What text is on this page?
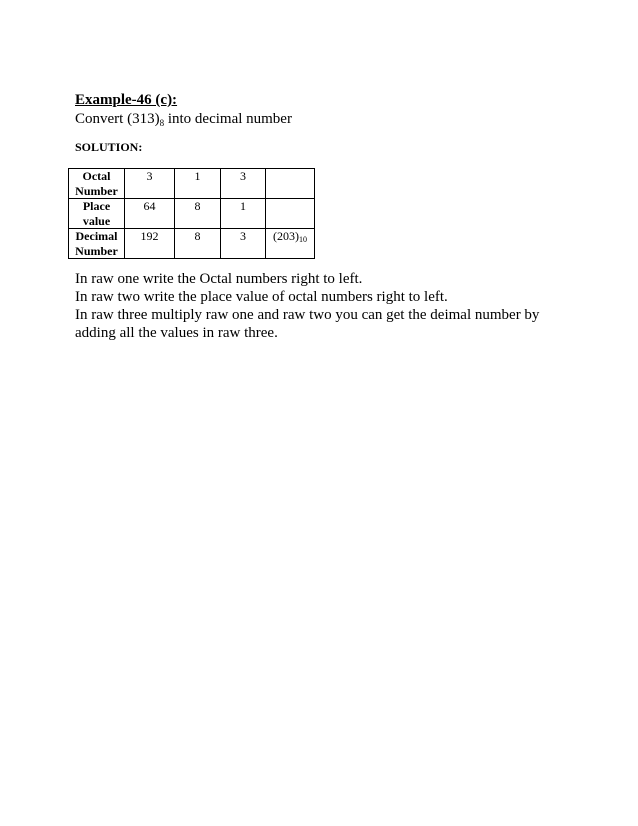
Example-46 (c):
Convert $(313)_8$ into decimal number
SOLUTION:
Octal
Number	3	1	3	
Place
value	64	8	1	
Decimal
Number	192	8	3	$(203)_{10}$

In raw one write the Octal numbers right to left.

In raw two write the place value of octal numbers right to left.

In raw three multiply raw one and raw two you can get the deimal number by adding all the values in raw three.
